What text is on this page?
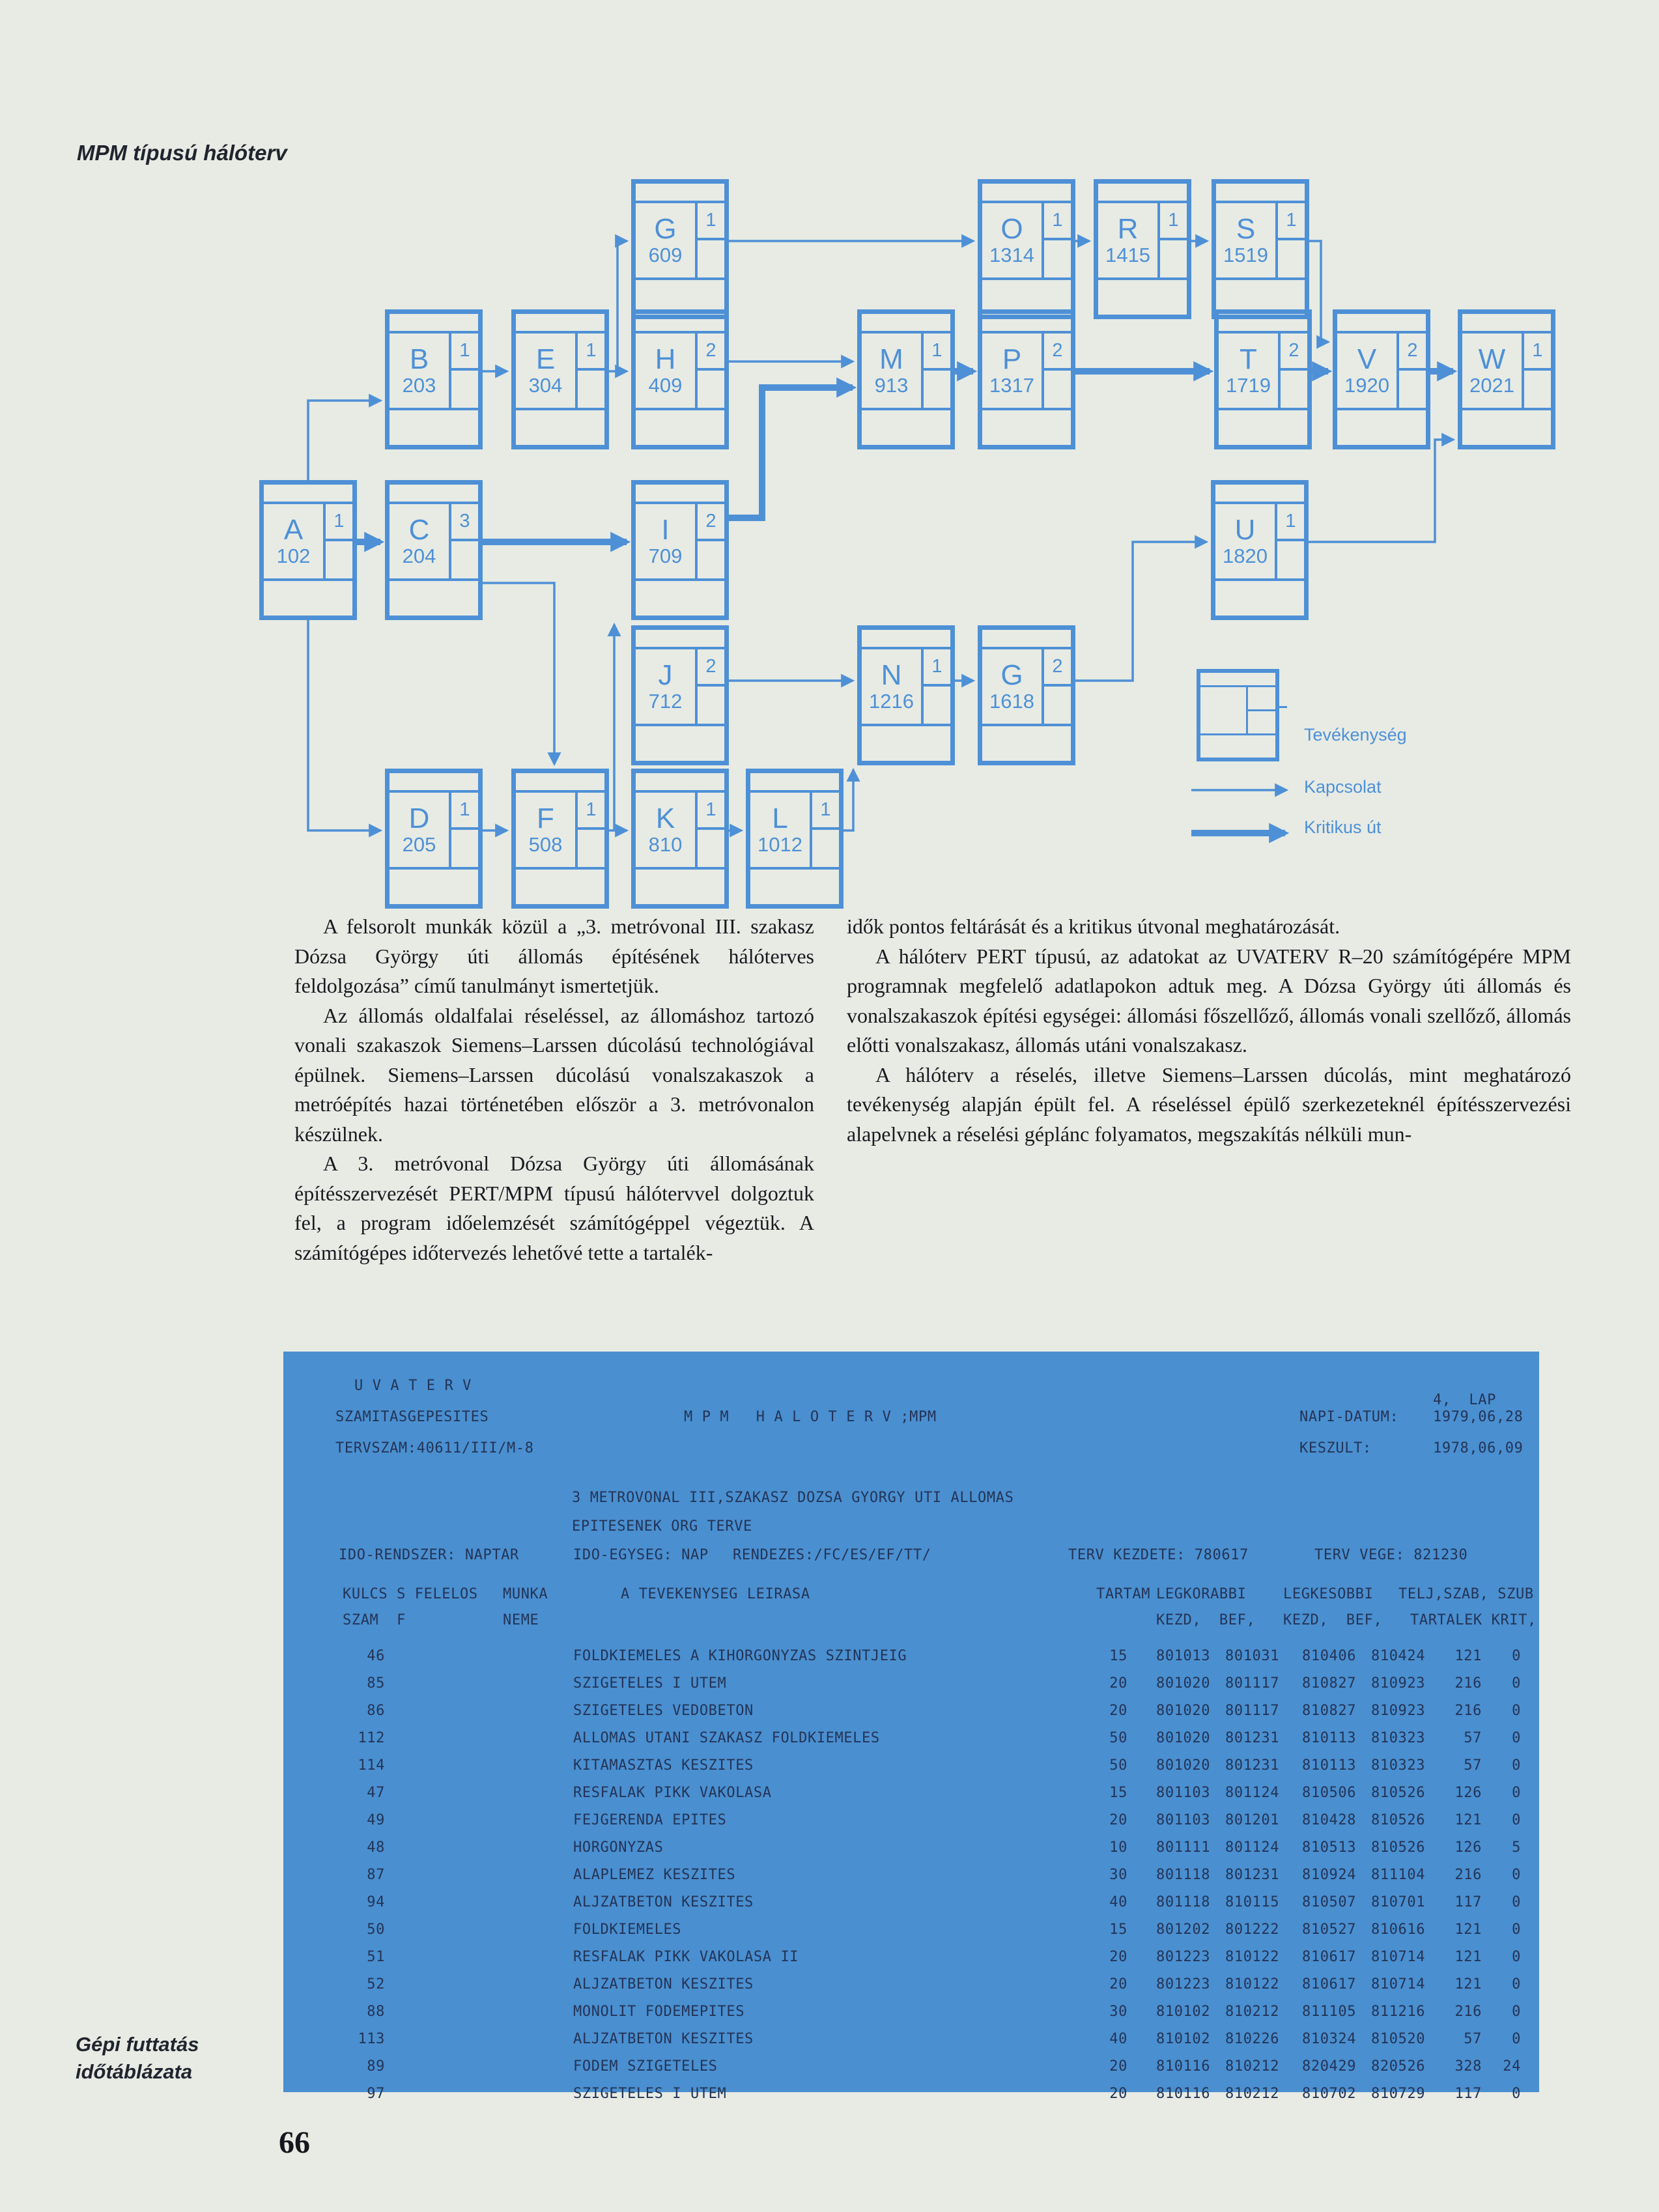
MPM típusú hálóterv
Tevékenység
Kapcsolat
Kritikus út
G
609
1	O
1314
1 R
1415
1 S
1519
1
B
203
1 E
304
1 H
409
2	M
913
1 P
1317
2	T
1719
2 V
1920
2 W
2021
1
A
102
1 C
204
3	I
709
2	U
1820
1
J
712
2	N
1216
1 G
1618
2
D
205
1 F
508
1 K
810
1 L
1012
1

A felsorolt munkák közül a „3. metróvonal III. szakasz Dózsa György úti állomás építésének hálóterves feldolgozása” című tanulmányt ismertetjük.

Az állomás oldalfalai réseléssel, az állomáshoz tartozó vonali szakaszok Siemens–Larssen dúcolású technológiával épülnek. Siemens–Larssen dúcolású vonalszakaszok a metróépítés hazai történetében először a 3. metróvonalon készülnek.

A 3. metróvonal Dózsa György úti állomásának építésszervezését PERT/MPM típusú hálótervvel dolgoztuk fel, a program időelemzését számítógéppel végeztük. A számítógépes időtervezés lehetővé tette a tartalék-

idők pontos feltárását és a kritikus útvonal meghatározását.

A hálóterv PERT típusú, az adatokat az UVATERV R–20 számítógépére MPM programnak megfelelő adatlapokon adtuk meg. A Dózsa György úti állomás és vonalszakaszok építési egységei: állomási főszellőző, állomás vonali szellőző, állomás előtti vonalszakasz, állomás utáni vonalszakasz.

A hálóterv a réselés, illetve Siemens–Larssen dúcolás, mint meghatározó tevékenység alapján épült fel. A réseléssel épülő szerkezeteknél építésszervezési alapelvnek a réselési géplánc folyamatos, megszakítás nélküli mun-

U V A T E R V
4,  LAP
SZAMITASGEPESITES	M P M   H A L O T E R V ;MPM	NAPI-DATUM: 1979,06,28
TERVSZAM:40611/III/M-8	KESZULT:	1978,06,09
3 METROVONAL III,SZAKASZ DOZSA GYORGY UTI ALLOMAS
EPITESENEK ORG TERVE
IDO-RENDSZER: NAPTAR	IDO-EGYSEG: NAP RENDEZES:/FC/ES/EF/TT/	TERV KEZDETE: 780617	TERV VEGE: 821230
KULCS S FELELOS MUNKA	A TEVEKENYSEG LEIRASA	TARTAM LEGKORABBI	LEGKESOBBI TELJ,SZAB, SZUB
SZAM  F	NEME	KEZD,  BEF, KEZD,  BEF, TARTALEK KRIT,
46	FOLDKIEMELES A KIHORGONYZAS SZINTJEIG	15 801013 801031 810406 810424	121	0
85	SZIGETELES I UTEM	20 801020 801117 810827 810923	216	0
86	SZIGETELES VEDOBETON	20 801020 801117 810827 810923	216	0
112	ALLOMAS UTANI SZAKASZ FOLDKIEMELES	50 801020 801231 810113 810323	57	0
114	KITAMASZTAS KESZITES	50 801020 801231 810113 810323	57	0
47	RESFALAK PIKK VAKOLASA	15 801103 801124 810506 810526	126	0
49	FEJGERENDA EPITES	20 801103 801201 810428 810526	121	0
48	HORGONYZAS	10 801111 801124 810513 810526	126	5
87	ALAPLEMEZ KESZITES	30 801118 801231 810924 811104	216	0
94	ALJZATBETON KESZITES	40 801118 810115 810507 810701	117	0
50	FOLDKIEMELES	15 801202 801222 810527 810616	121	0
51	RESFALAK PIKK VAKOLASA II	20 801223 810122 810617 810714	121	0
52	ALJZATBETON KESZITES	20 801223 810122 810617 810714	121	0
88	MONOLIT FODEMEPITES	30 810102 810212 811105 811216	216	0
113	ALJZATBETON KESZITES	40 810102 810226 810324 810520	57	0
89	FODEM SZIGETELES	20 810116 810212 820429 820526	328	24
97	SZIGETELES I UTEM	20 810116 810212 810702 810729	117	0
Gépi futtatás
időtáblázata
66
